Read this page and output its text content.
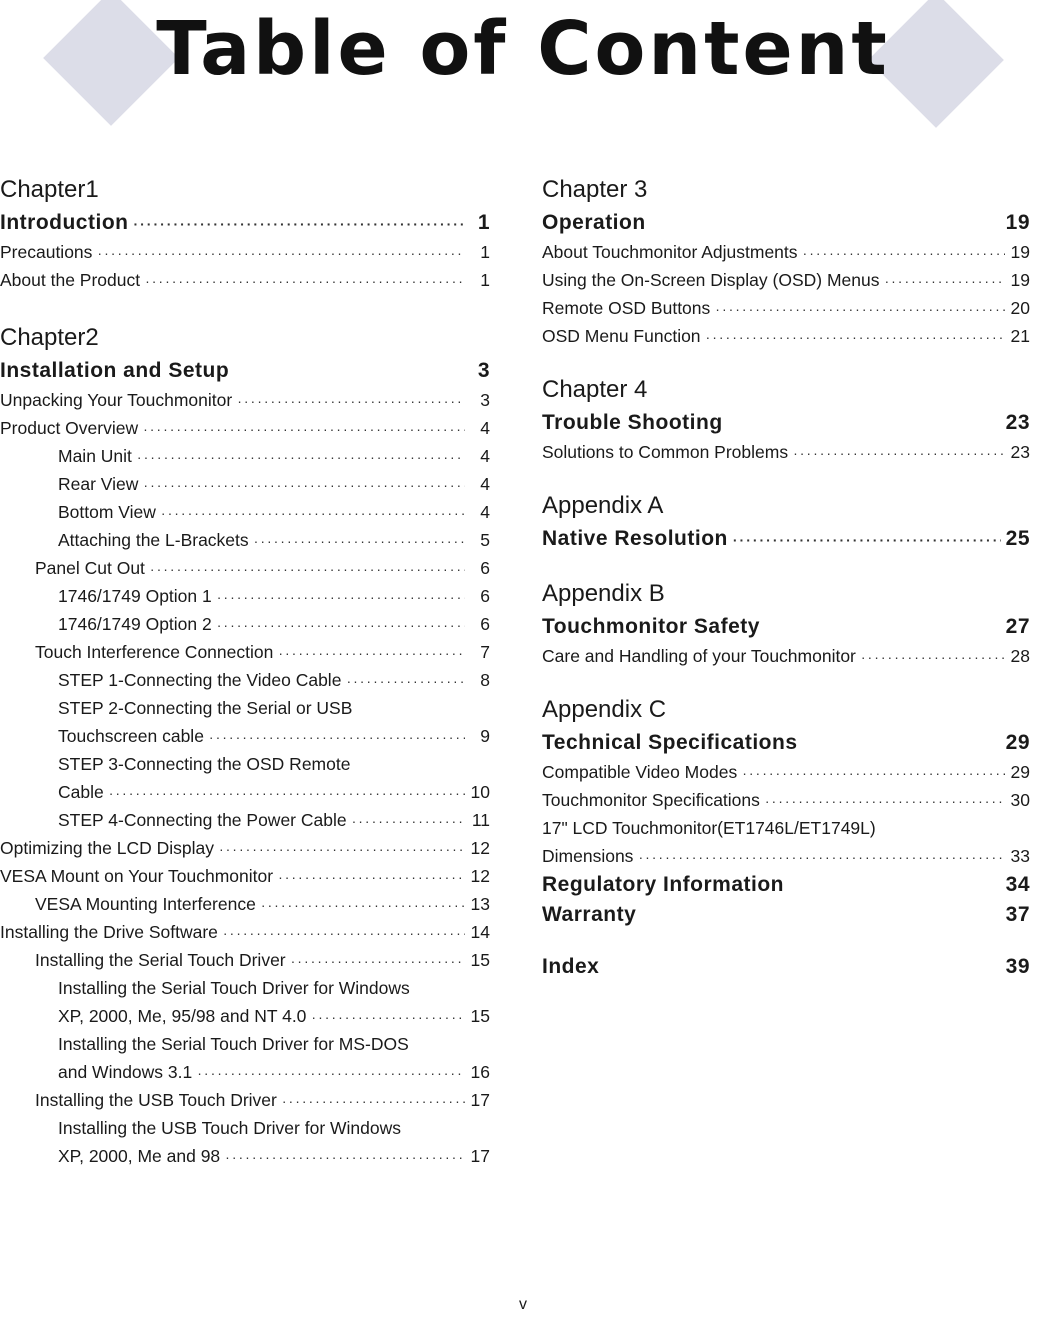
Table of Content
Chapter1
Introduction ·····	1
Precautions ·····	1
About the Product ·····	1
Chapter2
Installation and Setup	3
Unpacking Your Touchmonitor ·····	3
Product Overview ·····	4
Main Unit ·····	4
Rear View ·····	4
Bottom View ·····	4
Attaching the L-Brackets ·····	5
Panel Cut Out ·····	6
1746/1749 Option 1 ·····	6
1746/1749 Option 2 ·····	6
Touch Interference Connection ·····	7
STEP 1-Connecting the Video Cable ·····	8
STEP 2-Connecting the Serial or USB
Touchscreen cable ·····	9
STEP 3-Connecting the OSD Remote
Cable ·····	10
STEP 4-Connecting the Power Cable ·····	11
Optimizing the LCD Display ·····	12
VESA Mount on Your Touchmonitor ·····	12
VESA Mounting Interference ·····	13
Installing the Drive Software ·····	14
Installing the Serial Touch Driver ·····	15
Installing the Serial Touch Driver for Windows
XP, 2000, Me, 95/98 and NT 4.0 ·····	15
Installing the Serial Touch Driver for MS-DOS
and Windows 3.1 ·····	16
Installing the USB Touch Driver ·····	17
Installing the USB Touch Driver for Windows
XP, 2000, Me and 98 ·····	17
Chapter 3
Operation	19
About Touchmonitor Adjustments ·····	19
Using the On-Screen Display (OSD) Menus ·····	19
Remote OSD Buttons ·····	20
OSD Menu Function ·····	21
Chapter 4
Trouble Shooting	23
Solutions to Common Problems ·····	23
Appendix A
Native Resolution ·····	25
Appendix B
Touchmonitor Safety	27
Care and Handling of your Touchmonitor ·····	28
Appendix C
Technical Specifications	29
Compatible Video Modes ·····	29
Touchmonitor Specifications ·····	30
17" LCD Touchmonitor(ET1746L/ET1749L)
Dimensions ·····	33
Regulatory Information	34
Warranty	37
Index	39
v
